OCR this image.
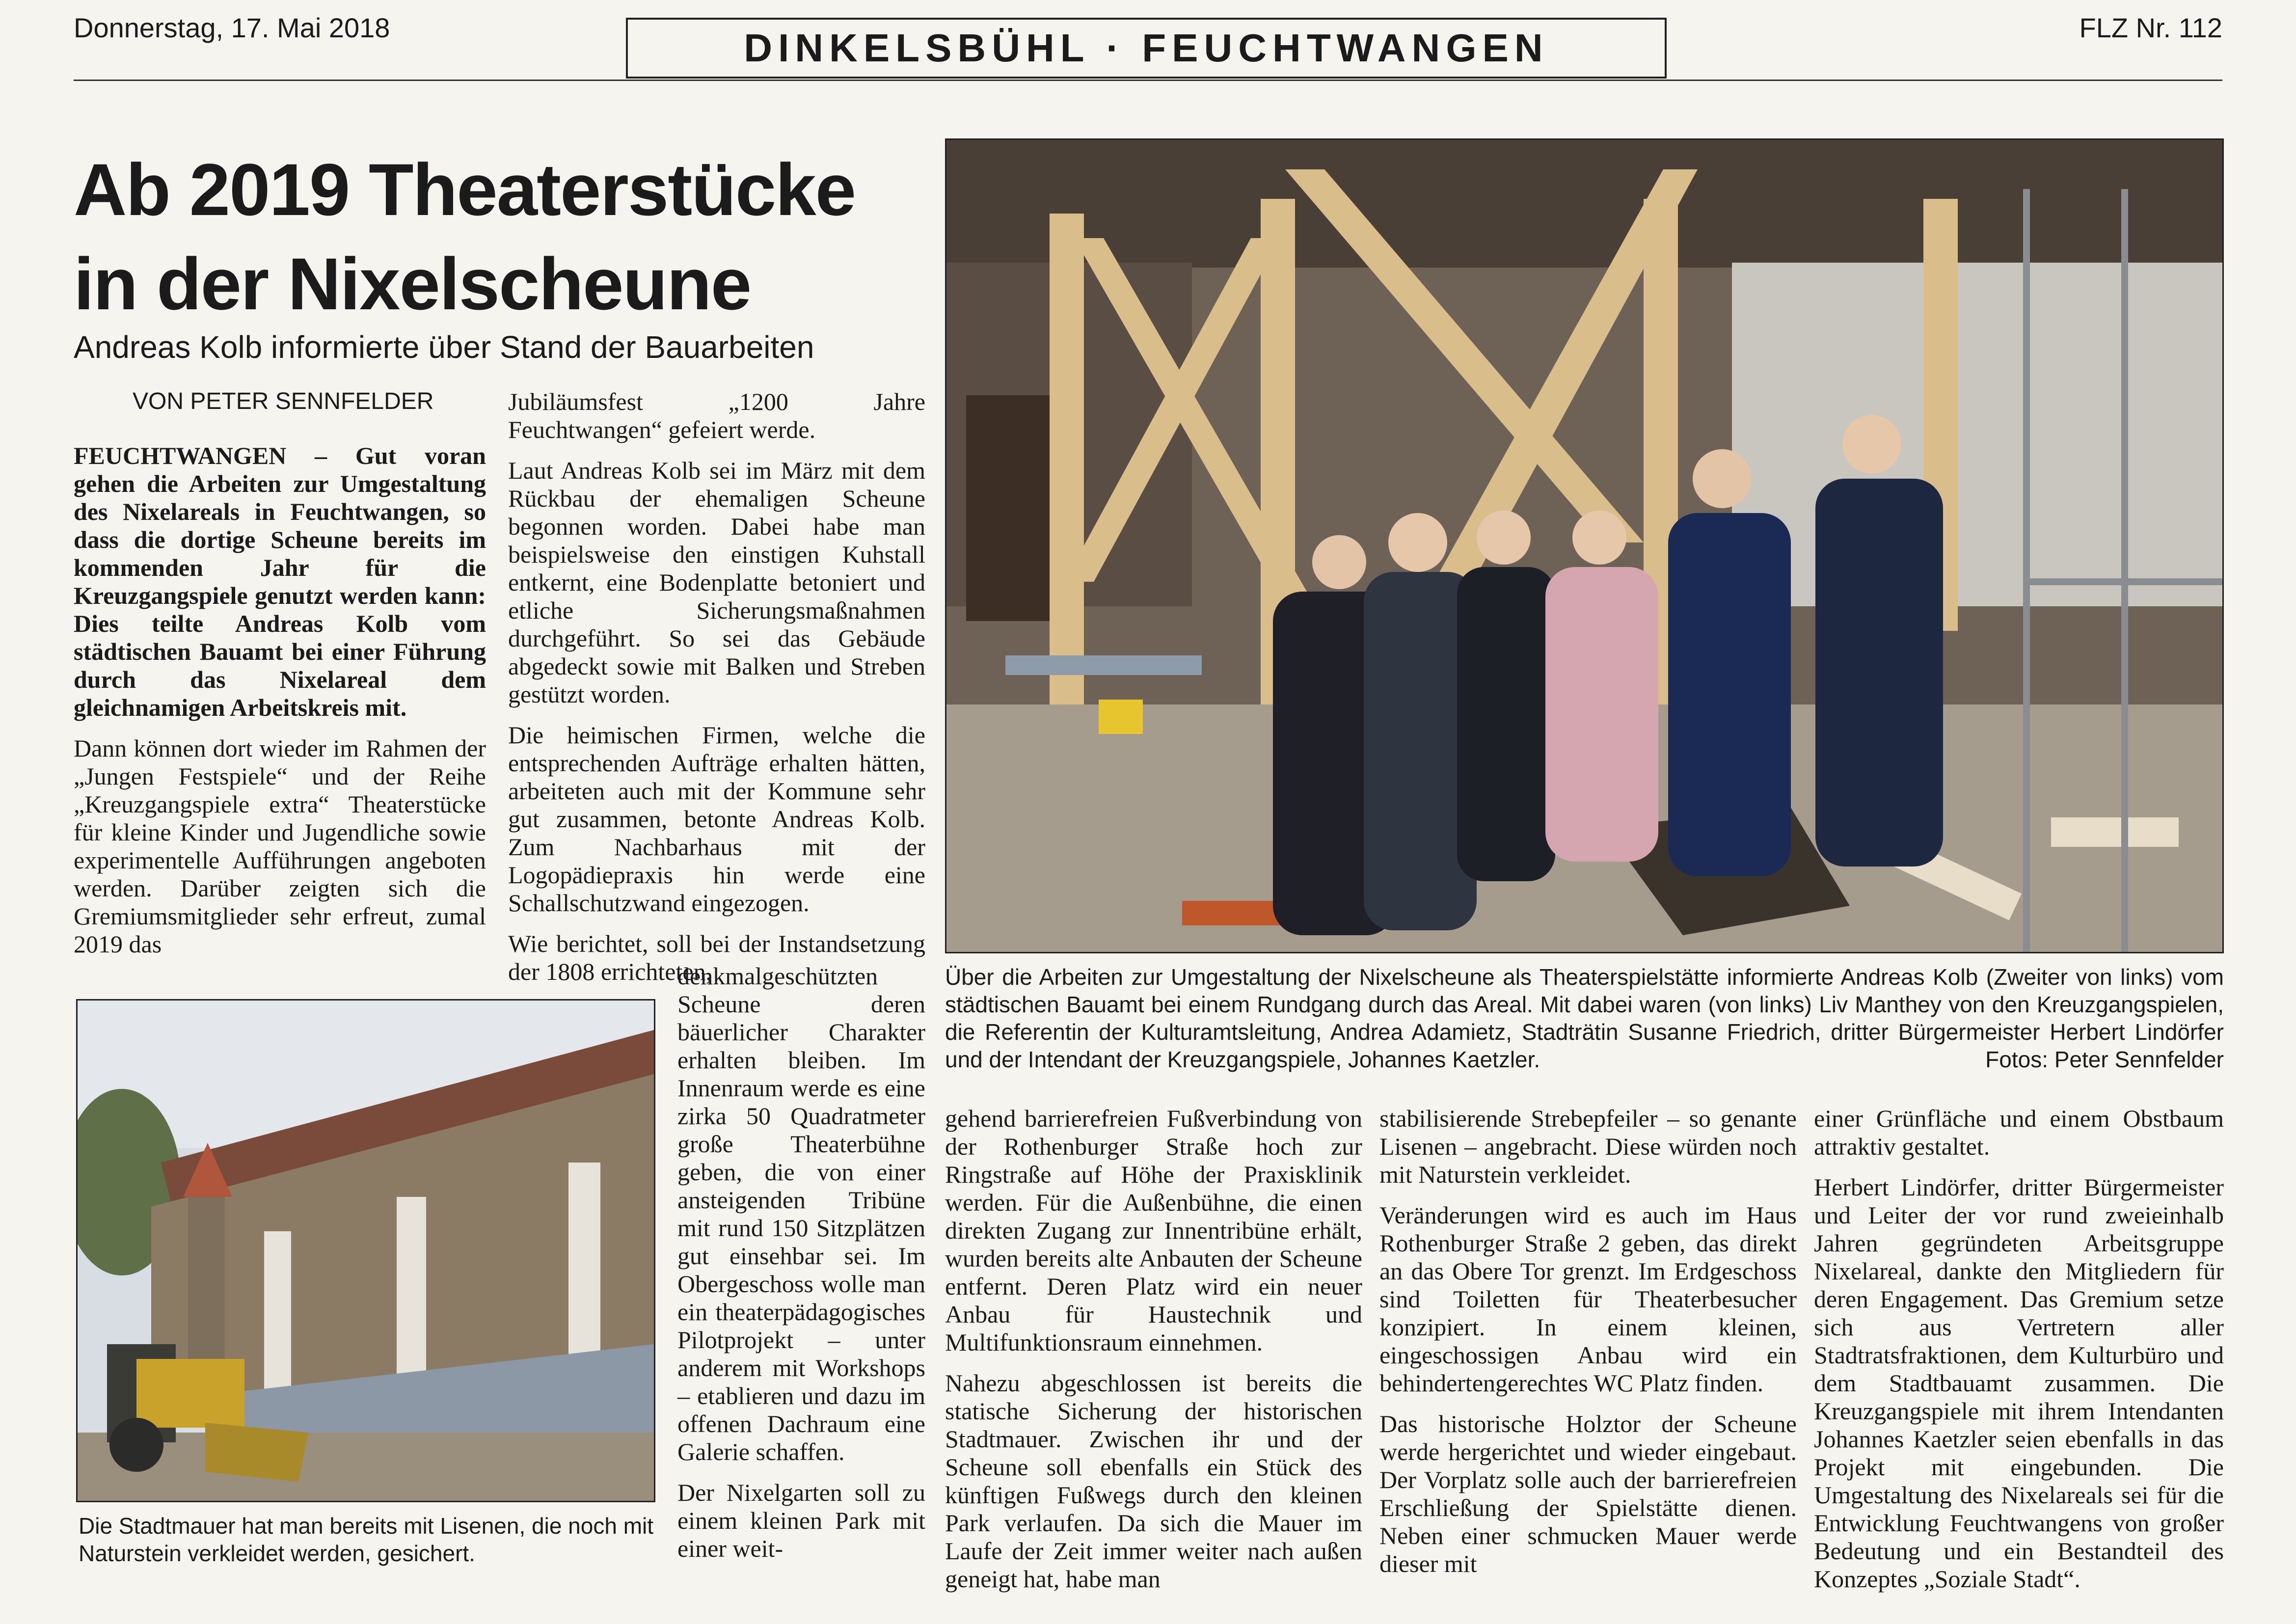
Donnerstag, 17. Mai 2018	DINKELSBÜHL · FEUCHTWANGEN	FLZ Nr. 112
Ab 2019 Theaterstücke
in der Nixelscheune
Andreas Kolb informierte über Stand der Bauarbeiten
VON PETER SENNFELDER

FEUCHTWANGEN – Gut voran gehen die Arbeiten zur Umgestaltung des Nixelareals in Feuchtwangen, so dass die dortige Scheune bereits im kommenden Jahr für die Kreuzgangspiele genutzt werden kann: Dies teilte Andreas Kolb vom städtischen Bauamt bei einer Führung durch das Nixelareal dem gleichnamigen Arbeitskreis mit.

Dann können dort wieder im Rahmen der „Jungen Festspiele“ und der Reihe „Kreuzgangspiele extra“ Theaterstücke für kleine Kinder und Jugendliche sowie experimentelle Aufführungen angeboten werden. Darüber zeigten sich die Gremiumsmitglieder sehr erfreut, zumal 2019 das

Die Stadtmauer hat man bereits mit Lisenen, die noch mit Naturstein verkleidet werden, gesichert.

Jubiläumsfest „1200 Jahre Feuchtwangen“ gefeiert werde.

Laut Andreas Kolb sei im März mit dem Rückbau der ehemaligen Scheune begonnen worden. Dabei habe man beispielsweise den einstigen Kuhstall entkernt, eine Bodenplatte betoniert und etliche Sicherungsmaßnahmen durchgeführt. So sei das Gebäude abgedeckt sowie mit Balken und Streben gestützt worden.

Die heimischen Firmen, welche die entsprechenden Aufträge erhalten hätten, arbeiteten auch mit der Kommune sehr gut zusammen, betonte Andreas Kolb. Zum Nachbarhaus mit der Logopädiepraxis hin werde eine Schallschutzwand eingezogen.

Wie berichtet, soll bei der Instandsetzung der 1808 errichteten,

denkmalgeschützten Scheune deren bäuerlicher Charakter erhalten bleiben. Im Innenraum werde es eine zirka 50 Quadratmeter große Theaterbühne geben, die von einer ansteigenden Tribüne mit rund 150 Sitzplätzen gut einsehbar sei. Im Obergeschoss wolle man ein theaterpädagogisches Pilotprojekt – unter anderem mit Workshops – etablieren und dazu im offenen Dachraum eine Galerie schaffen.

Der Nixelgarten soll zu einem kleinen Park mit einer weit-

Über die Arbeiten zur Umgestaltung der Nixelscheune als Theaterspielstätte informierte Andreas Kolb (Zweiter von links) vom städtischen Bauamt bei einem Rundgang durch das Areal. Mit dabei waren (von links) Liv Manthey von den Kreuzgangspielen, die Referentin der Kulturamtsleitung, Andrea Adamietz, Stadträtin Susanne Friedrich, dritter Bürgermeister Herbert Lindörfer und der Intendant der Kreuzgangspiele, Johannes Kaetzler.	Fotos: Peter Sennfelder

gehend barrierefreien Fußverbindung von der Rothenburger Straße hoch zur Ringstraße auf Höhe der Praxisklinik werden. Für die Außenbühne, die einen direkten Zugang zur Innentribüne erhält, wurden bereits alte Anbauten der Scheune entfernt. Deren Platz wird ein neuer Anbau für Haustechnik und Multifunktionsraum einnehmen.

Nahezu abgeschlossen ist bereits die statische Sicherung der historischen Stadtmauer. Zwischen ihr und der Scheune soll ebenfalls ein Stück des künftigen Fußwegs durch den kleinen Park verlaufen. Da sich die Mauer im Laufe der Zeit immer weiter nach außen geneigt hat, habe man

stabilisierende Strebepfeiler – so genante Lisenen – angebracht. Diese würden noch mit Naturstein verkleidet.

Veränderungen wird es auch im Haus Rothenburger Straße 2 geben, das direkt an das Obere Tor grenzt. Im Erdgeschoss sind Toiletten für Theaterbesucher konzipiert. In einem kleinen, eingeschossigen Anbau wird ein behindertengerechtes WC Platz finden.

Das historische Holztor der Scheune werde hergerichtet und wieder eingebaut. Der Vorplatz solle auch der barrierefreien Erschließung der Spielstätte dienen. Neben einer schmucken Mauer werde dieser mit

einer Grünfläche und einem Obstbaum attraktiv gestaltet.

Herbert Lindörfer, dritter Bürgermeister und Leiter der vor rund zweieinhalb Jahren gegründeten Arbeitsgruppe Nixelareal, dankte den Mitgliedern für deren Engagement. Das Gremium setze sich aus Vertretern aller Stadtratsfraktionen, dem Kulturbüro und dem Stadtbauamt zusammen. Die Kreuzgangspiele mit ihrem Intendanten Johannes Kaetzler seien ebenfalls in das Projekt mit eingebunden. Die Umgestaltung des Nixelareals sei für die Entwicklung Feuchtwangens von großer Bedeutung und ein Bestandteil des Konzeptes „Soziale Stadt“.
